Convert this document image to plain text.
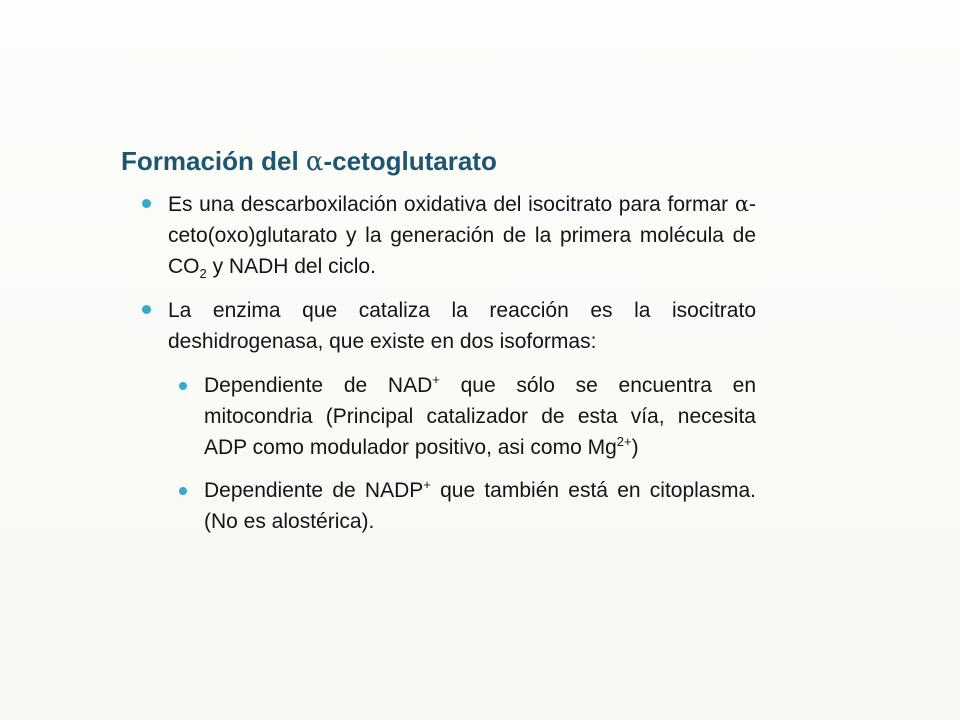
Formación del α-cetoglutarato
Es una descarboxilación oxidativa del isocitrato para formar α-ceto(oxo)glutarato y la generación de la primera molécula de $CO_2$ y NADH del ciclo.
La enzima que cataliza la reacción es la isocitrato deshidrogenasa, que existe en dos isoformas:
Dependiente de NAD+ que sólo se encuentra en mitocondria (Principal catalizador de esta vía, necesita ADP como modulador positivo, asi como $Mg^{2+}$)
Dependiente de NADP+ que también está en citoplasma.(No es alostérica).
